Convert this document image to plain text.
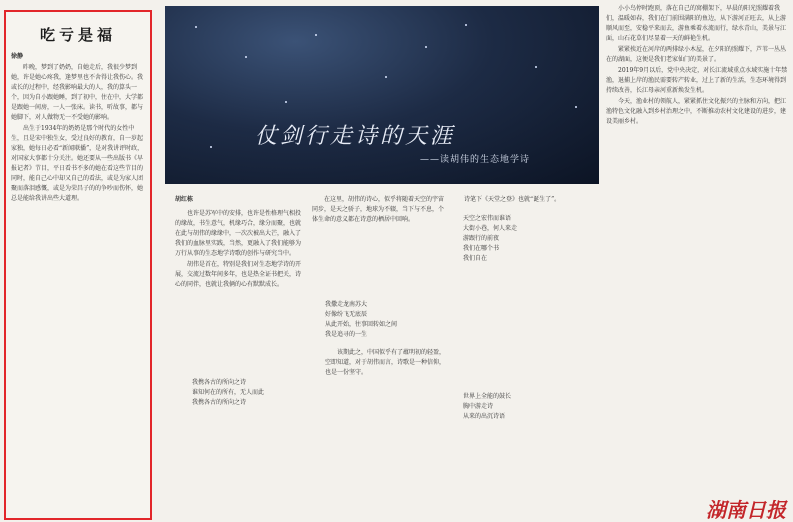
吃亏是福
徐静

昨晚，梦到了奶奶，自她走后，我很少梦到她，许是她心疼我，逢梦里也不舍得让我伤心。我或长的过程中，经我影响最大的人，我的算头一个，因为自小跟她睡，到了初中，住在中，大学都是跟她一间房，一人一张床。读书，听故事，都与她脚下，对人做物无一不受她的影响。

出生于1934年的奶奶是那个时代的女性中生，且是宋中独生女，受过良好的教育，自一岁起家独，她每日必看“新闻联播”，是对我讲评时政，对国家大事都十分关注。她还要从一些出版书《早报记者》节目，平日看书不多的她在看这些节目的同时，能自己心中却又自己的看法，或是为家人团聚而落泪感慨，或是为荣昌子的的争吵而伤怀，她总是能给我讲出些大道理。

仗剑行走诗的天涯
——读胡伟的生态地学诗
胡红栋

也许是苏军中的安排，也许是性格理气相投的缘故，书生意气，机缘巧合，缘分而聚，也就在此与胡伟的缘缘中，一次次被出大芒，融入了我们的血脉里实践，当然，更融入了我们能够为万行从事的生态地学诗歌的创作与研究当中。

胡伟是首在，特别是我们对生态地学诗的开展，交流过数年间多年，也是热全证书把关，诗心的同伴，也就让我俩的心有默默成长。

我携各古的所向之诗
谁知何在的所有，无人而此
我携各古的所向之诗

在这里，胡伟的诗心，似乎将随着天空的宇宙同步，是天之骄子，地球为不辍，当下与不息，个体生命的意义都在诗意的栖居中回响。

我撒走龙南苏大
好像纷飞无底辰
从此开始，往事回转如之间
我是追寻的一生

该期此之，中国似乎有了蕴明初的轻盈，空即知道，对于胡伟而言，诗歌是一种信仰，也是一份坚守。

诗笔下《天堂之登》也就“诞生了”。

天空之宏伟而谁语
大街小巷，何人来走
游跟行的前夜
我们在哪个书
我们自在
世界上全能的鼓长
胸中游走诗
从来的出沉诗语

小小鸟停时跑顶，落在自己的窝棚架下，早晨的阳光照耀着我们，温暖如春，我们在门前围满阳的鱼边，从下游河正旺去，从上游顺风而至，安稳平来而去，游鱼乘着水流而行，绿水青山，美景与江面，山石花草们尽显着一天的鲜艳生机。

紧紧挨近在河岸的两排绿小木屋，在夕阳的照耀下，芦苇一丛丛在的湖面，这便是我们老家仙门的美景了。

2019年9月以后，党中央决定，对长江流域重点水域实施十年禁渔，退捕上岸的渔民需要转产转业，过上了新的生活，生态环境得到持续改善，长江母亲河重新焕发生机。

今天，渔业村的领航人，紧紧抓住文化振兴的主脉和方向，把江渔特色文化融入到乡村治理之中，不断推动农村文化建设的进步，建设美丽乡村。

湖南日报
